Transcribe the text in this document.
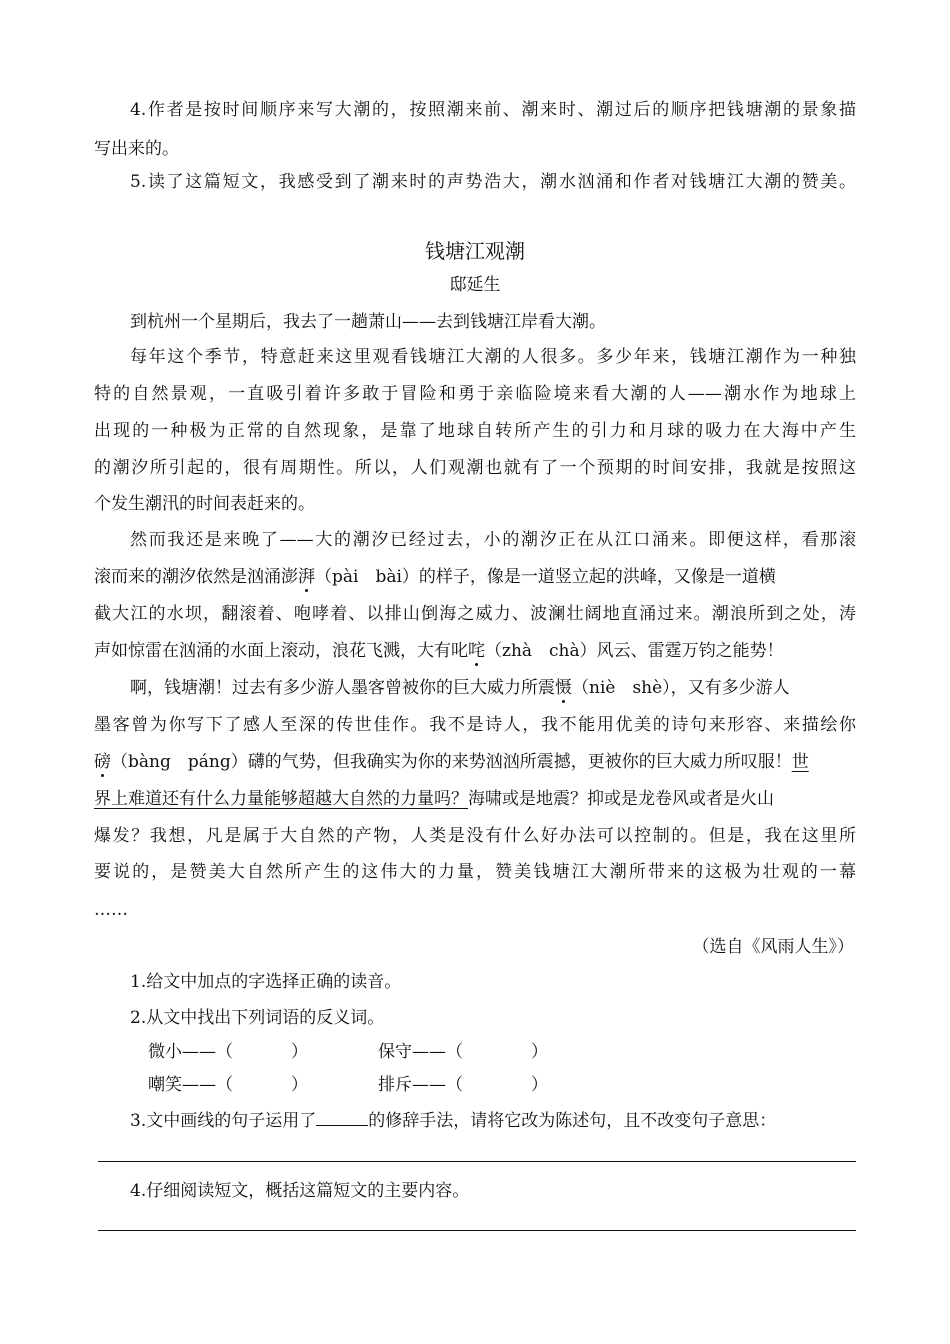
4.作者是按时间顺序来写大潮的，按照潮来前、潮来时、潮过后的顺序把钱塘潮的景象描
写出来的。
5.读了这篇短文，我感受到了潮来时的声势浩大，潮水汹涌和作者对钱塘江大潮的赞美。
钱塘江观潮
邸延生
到杭州一个星期后，我去了一趟萧山——去到钱塘江岸看大潮。
每年这个季节，特意赶来这里观看钱塘江大潮的人很多。多少年来，钱塘江潮作为一种独
特的自然景观，一直吸引着许多敢于冒险和勇于亲临险境来看大潮的人——潮水作为地球上
出现的一种极为正常的自然现象，是靠了地球自转所产生的引力和月球的吸力在大海中产生
的潮汐所引起的，很有周期性。所以，人们观潮也就有了一个预期的时间安排，我就是按照这
个发生潮汛的时间表赶来的。
然而我还是来晚了——大的潮汐已经过去，小的潮汐正在从江口涌来。即便这样，看那滚
滚而来的潮汐依然是汹涌澎湃（pài　bài）的样子，像是一道竖立起的洪峰，又像是一道横
截大江的水坝，翻滚着、咆哮着、以排山倒海之威力、波澜壮阔地直涌过来。潮浪所到之处，涛
声如惊雷在汹涌的水面上滚动，浪花飞溅，大有叱咤（zhà　chà）风云、雷霆万钧之能势！
啊，钱塘潮！过去有多少游人墨客曾被你的巨大威力所震慑（niè　shè），又有多少游人
墨客曾为你写下了感人至深的传世佳作。我不是诗人，我不能用优美的诗句来形容、来描绘你
磅（bàng　páng）礴的气势，但我确实为你的来势汹汹所震撼，更被你的巨大威力所叹服！世
界上难道还有什么力量能够超越大自然的力量吗？海啸或是地震？抑或是龙卷风或者是火山
爆发？我想，凡是属于大自然的产物，人类是没有什么好办法可以控制的。但是，我在这里所
要说的，是赞美大自然所产生的这伟大的力量，赞美钱塘江大潮所带来的这极为壮观的一幕
……
（选自《风雨人生》）
1.给文中加点的字选择正确的读音。
2.从文中找出下列词语的反义词。
微小——（	）	保守——（	）
嘲笑——（	）	排斥——（	）
3.文中画线的句子运用了	的修辞手法，请将它改为陈述句，且不改变句子意思：
4.仔细阅读短文，概括这篇短文的主要内容。
